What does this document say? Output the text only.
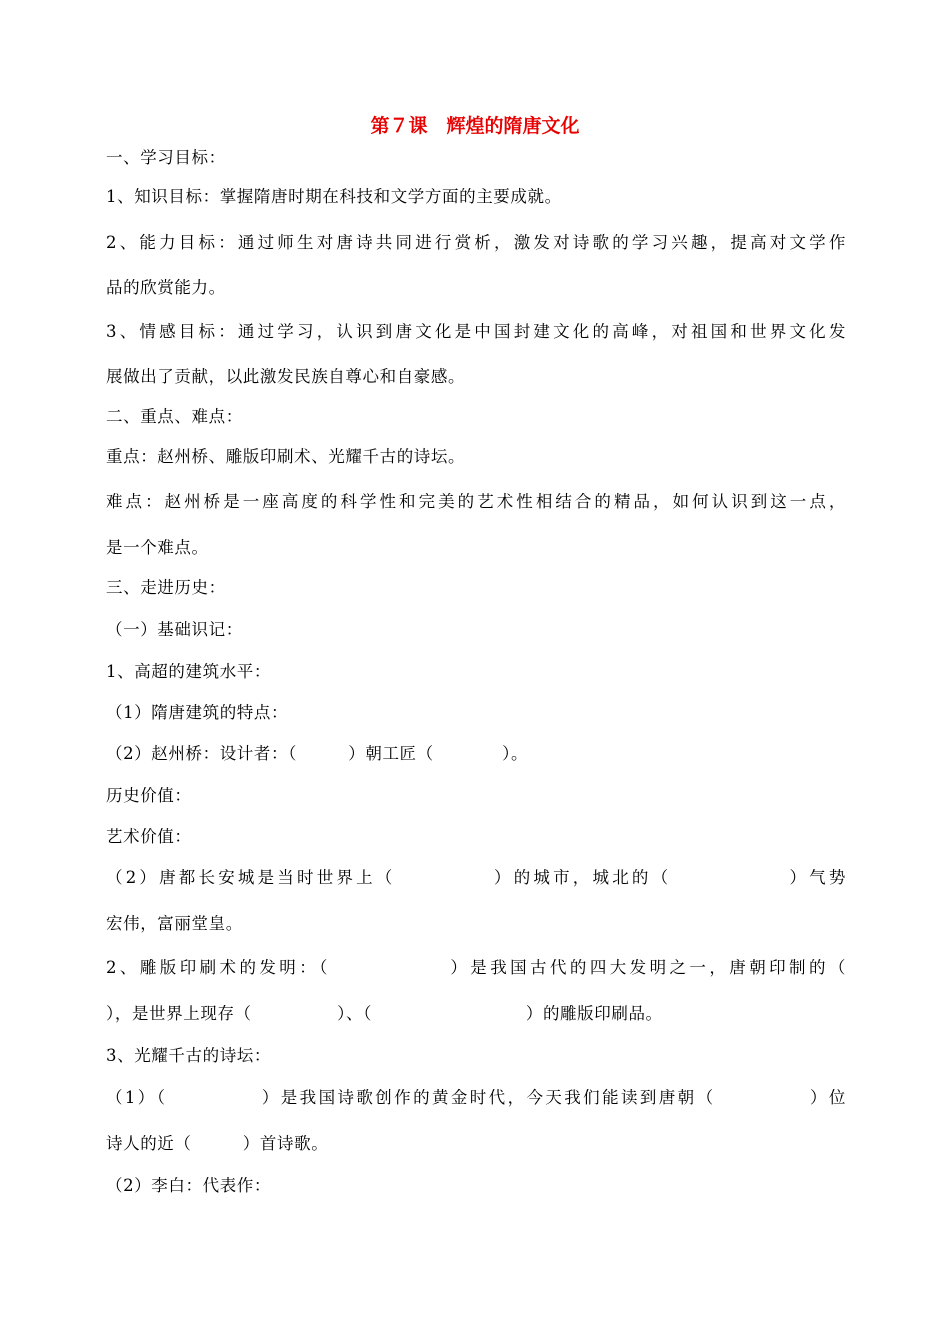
第７课　辉煌的隋唐文化
一、学习目标：
1、知识目标：掌握隋唐时期在科技和文学方面的主要成就。
2、能力目标：通过师生对唐诗共同进行赏析，激发对诗歌的学习兴趣，提高对文学作
品的欣赏能力。
3、情感目标：通过学习，认识到唐文化是中国封建文化的高峰，对祖国和世界文化发
展做出了贡献，以此激发民族自尊心和自豪感。
二、重点、难点：
重点：赵州桥、雕版印刷术、光耀千古的诗坛。
难点：赵州桥是一座高度的科学性和完美的艺术性相结合的精品，如何认识到这一点，
是一个难点。
三、走进历史：
（一）基础识记：
1、高超的建筑水平：
（1）隋唐建筑的特点：
（2）赵州桥：设计者：（　　　）朝工匠（　　　　）。
历史价值：
艺术价值：
（2）唐都长安城是当时世界上（　　　　　）的城市，城北的（　　　　　　）气势
宏伟，富丽堂皇。
2、雕版印刷术的发明：（　　　　　　）是我国古代的四大发明之一，唐朝印制的（
），是世界上现存（　　　　　）、（　　　　　　　　　）的雕版印刷品。
3、光耀千古的诗坛：
（1）（　　　　　）是我国诗歌创作的黄金时代，今天我们能读到唐朝（　　　　　）位
诗人的近（　　　）首诗歌。
（2）李白：代表作：
